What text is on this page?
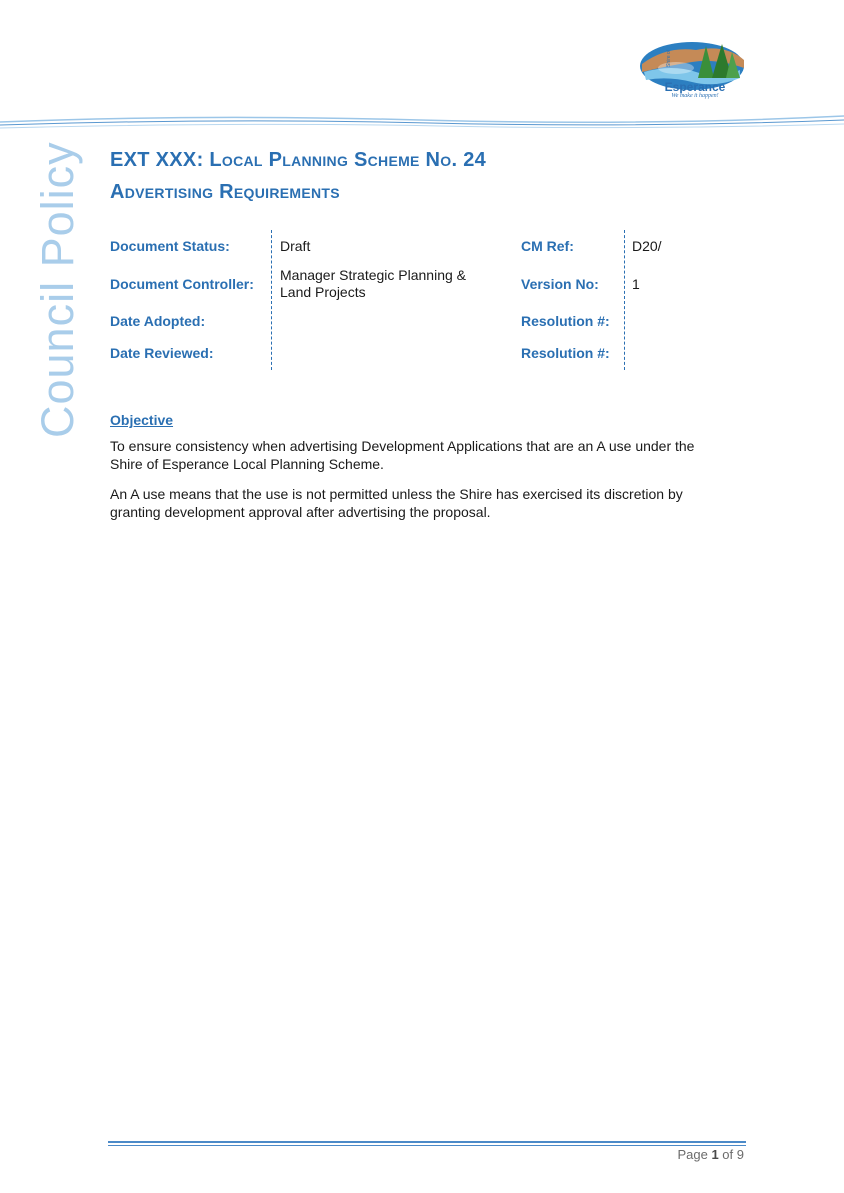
Shire of
Esperance
We make it happen!
Council Policy EXT XXX: Local Planning Scheme No. 24
Advertising Requirements
Document Status:	Draft
Document Controller:
Manager Strategic Planning &
Land Projects
Date Adopted:
Date Reviewed:
CM Ref:	D20/
Version No: 1
Resolution #:
Resolution #:
Objective
To ensure consistency when advertising Development Applications that are an A use under the
Shire of Esperance Local Planning Scheme.
An A use means that the use is not permitted unless the Shire has exercised its discretion by
granting development approval after advertising the proposal.
Page 1 of 9
